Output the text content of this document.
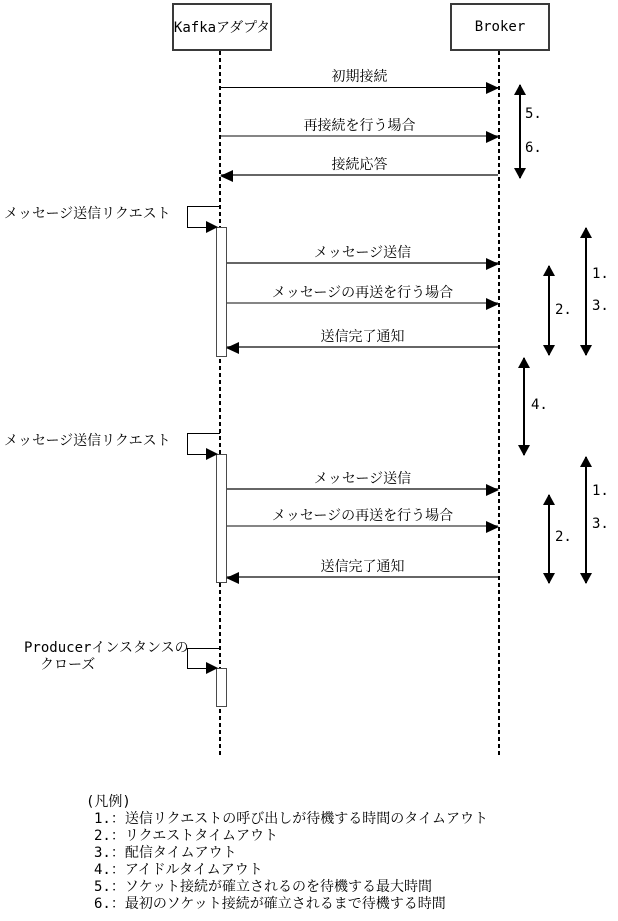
Kafkaアダプタ	Broker
初期接続
再接続を行う場合
接続応答
メッセージ送信リクエスト
メッセージ送信
メッセージの再送を行う場合
送信完了通知
メッセージ送信リクエスト
メッセージ送信
メッセージの再送を行う場合
送信完了通知
Producerインスタンスの
クローズ
5.
6.
1.
3.
2.
4.
1.
3.
2.
(凡例)
1.：送信リクエストの呼び出しが待機する時間のタイムアウト
2.：リクエストタイムアウト
3.：配信タイムアウト
4.：アイドルタイムアウト
5.：ソケット接続が確立されるのを待機する最大時間
6.：最初のソケット接続が確立されるまで待機する時間
